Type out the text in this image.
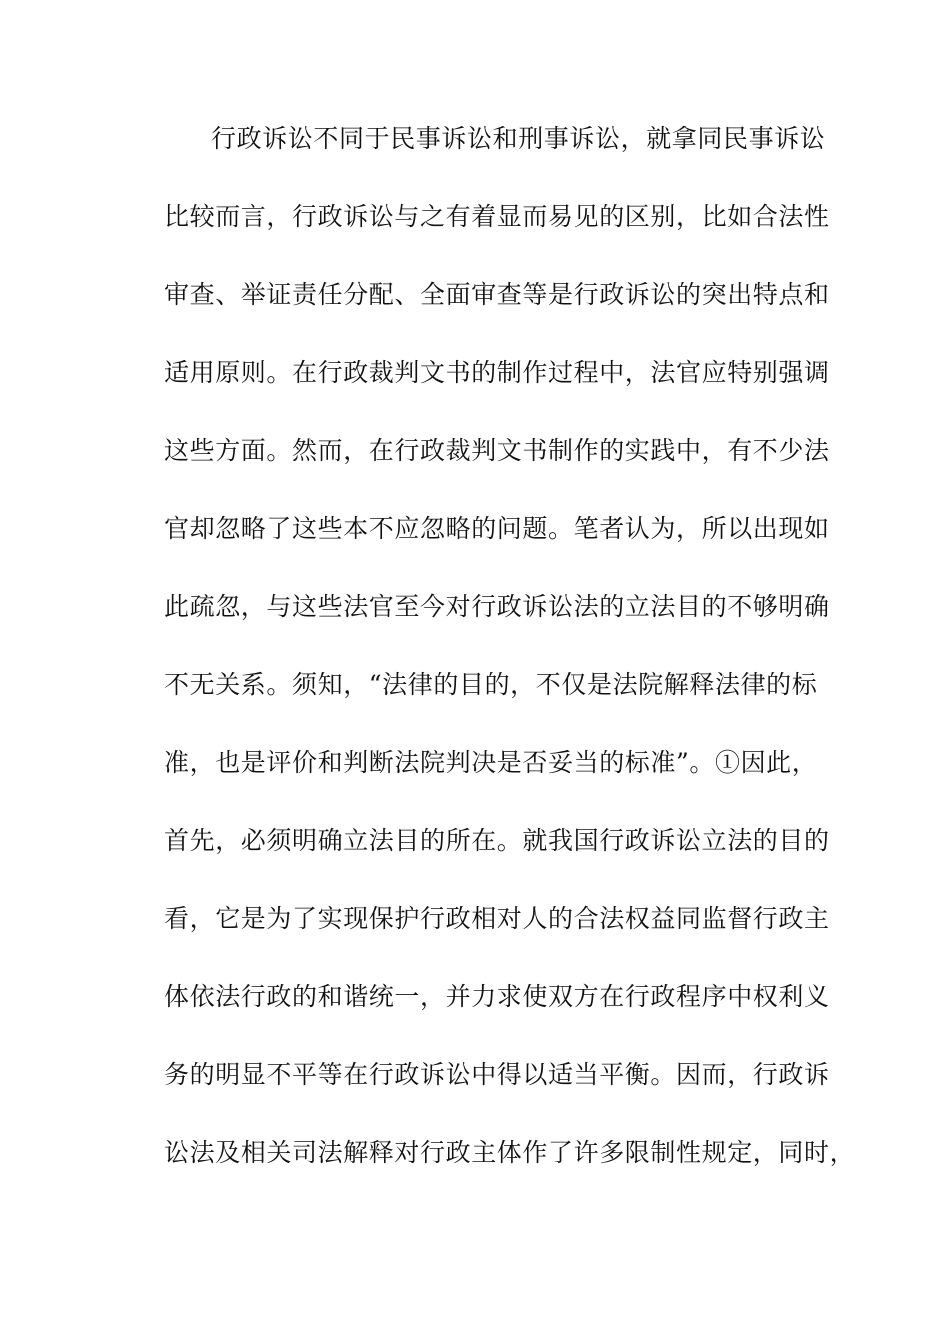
行政诉讼不同于民事诉讼和刑事诉讼，就拿同民事诉讼
比较而言，行政诉讼与之有着显而易见的区别，比如合法性
审查、举证责任分配、全面审查等是行政诉讼的突出特点和
适用原则。在行政裁判文书的制作过程中，法官应特别强调
这些方面。然而，在行政裁判文书制作的实践中，有不少法
官却忽略了这些本不应忽略的问题。笔者认为，所以出现如
此疏忽，与这些法官至今对行政诉讼法的立法目的不够明确
不无关系。须知，“法律的目的，不仅是法院解释法律的标
准，也是评价和判断法院判决是否妥当的标准”。①因此，
首先，必须明确立法目的所在。就我国行政诉讼立法的目的
看，它是为了实现保护行政相对人的合法权益同监督行政主
体依法行政的和谐统一，并力求使双方在行政程序中权利义
务的明显不平等在行政诉讼中得以适当平衡。因而，行政诉
讼法及相关司法解释对行政主体作了许多限制性规定，同时，
